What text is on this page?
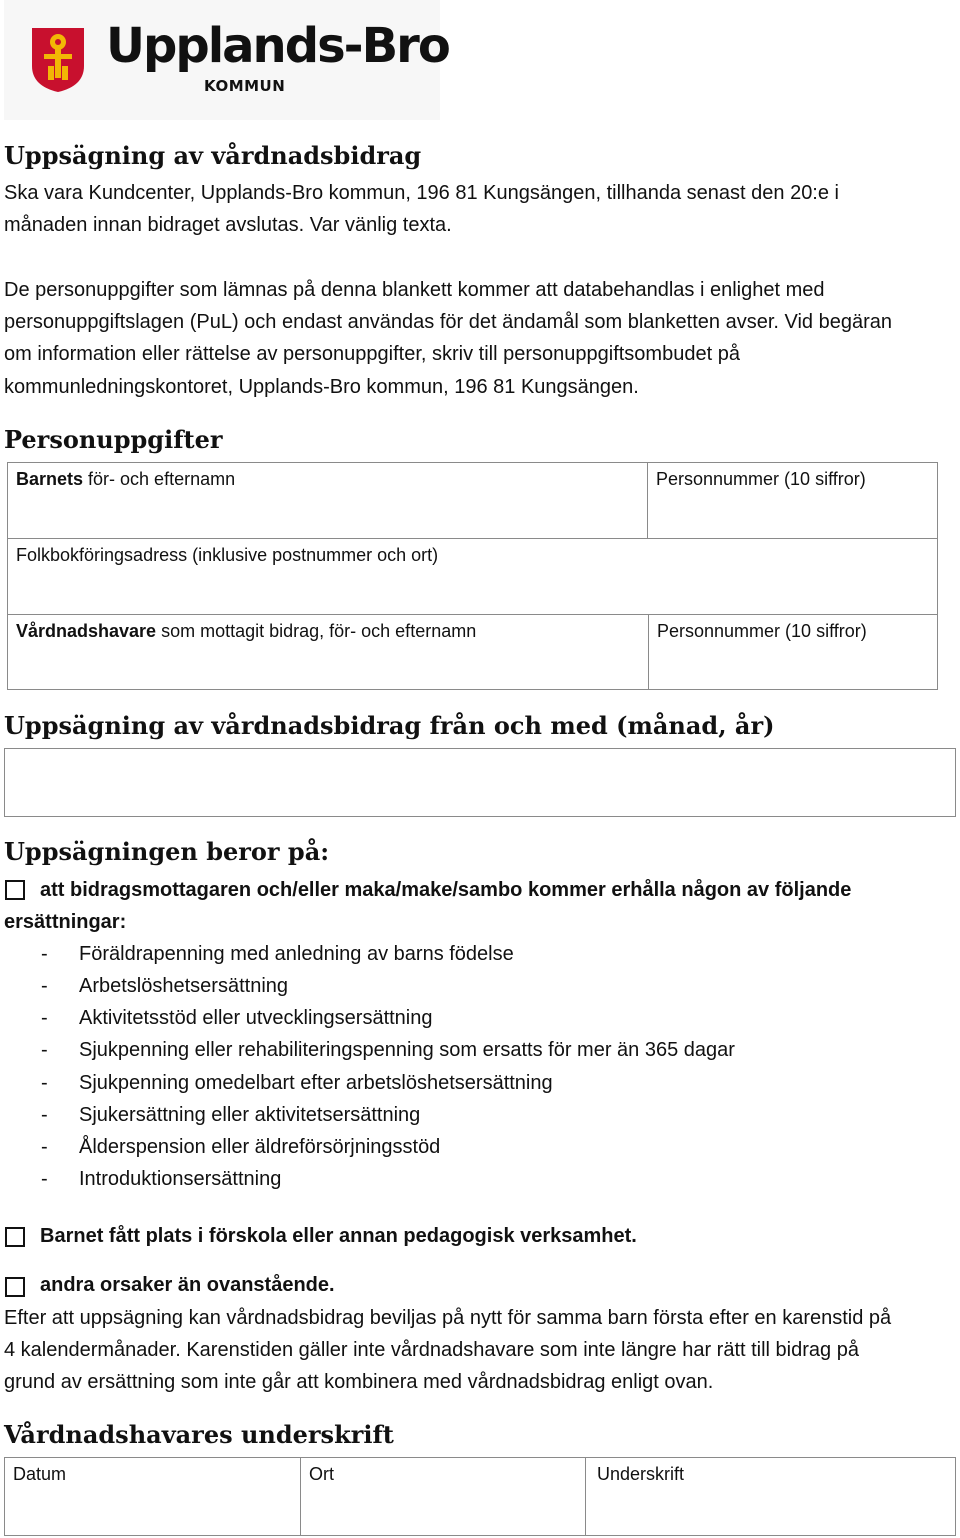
Upplands-Bro
KOMMUN
Uppsägning av vårdnadsbidrag
Ska vara Kundcenter, Upplands-Bro kommun, 196 81 Kungsängen, tillhanda senast den 20:e i
månaden innan bidraget avslutas. Var vänlig texta.
De personuppgifter som lämnas på denna blankett kommer att databehandlas i enlighet med
personuppgiftslagen (PuL) och endast användas för det ändamål som blanketten avser. Vid begäran
om information eller rättelse av personuppgifter, skriv till personuppgiftsombudet på
kommunledningskontoret, Upplands-Bro kommun, 196 81 Kungsängen.
Personuppgifter
Barnets för- och efternamn	Personnummer (10 siffror)
Folkbokföringsadress (inklusive postnummer och ort)
Vårdnadshavare som mottagit bidrag, för- och efternamn	Personnummer (10 siffror)
Uppsägning av vårdnadsbidrag från och med (månad, år)
Uppsägningen beror på:
att bidragsmottagaren och/eller maka/make/sambo kommer erhålla någon av följande
ersättningar:
- Föräldrapenning med anledning av barns födelse
- Arbetslöshetsersättning
- Aktivitetsstöd eller utvecklingsersättning
- Sjukpenning eller rehabiliteringspenning som ersatts för mer än 365 dagar
- Sjukpenning omedelbart efter arbetslöshetsersättning
- Sjukersättning eller aktivitetsersättning
- Ålderspension eller äldreförsörjningsstöd
- Introduktionsersättning
Barnet fått plats i förskola eller annan pedagogisk verksamhet.
andra orsaker än ovanstående.
Efter att uppsägning kan vårdnadsbidrag beviljas på nytt för samma barn första efter en karenstid på
4 kalendermånader. Karenstiden gäller inte vårdnadshavare som inte längre har rätt till bidrag på
grund av ersättning som inte går att kombinera med vårdnadsbidrag enligt ovan.
Vårdnadshavares underskrift
Datum	Ort	Underskrift
